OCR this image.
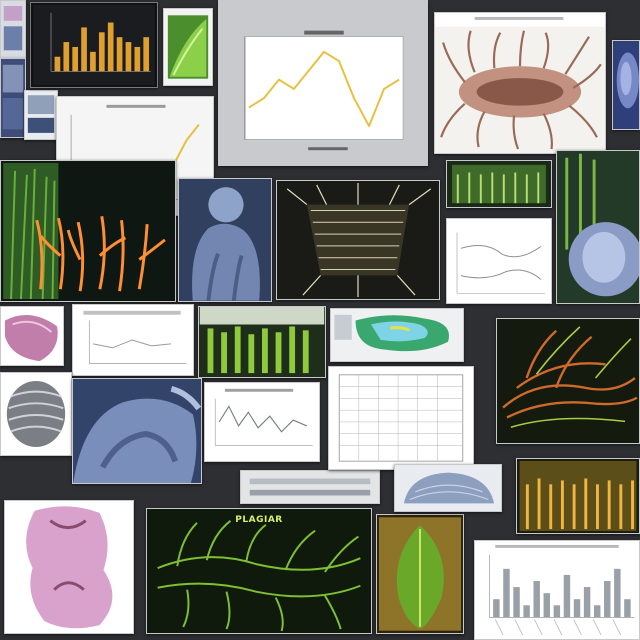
PLAGIAR
